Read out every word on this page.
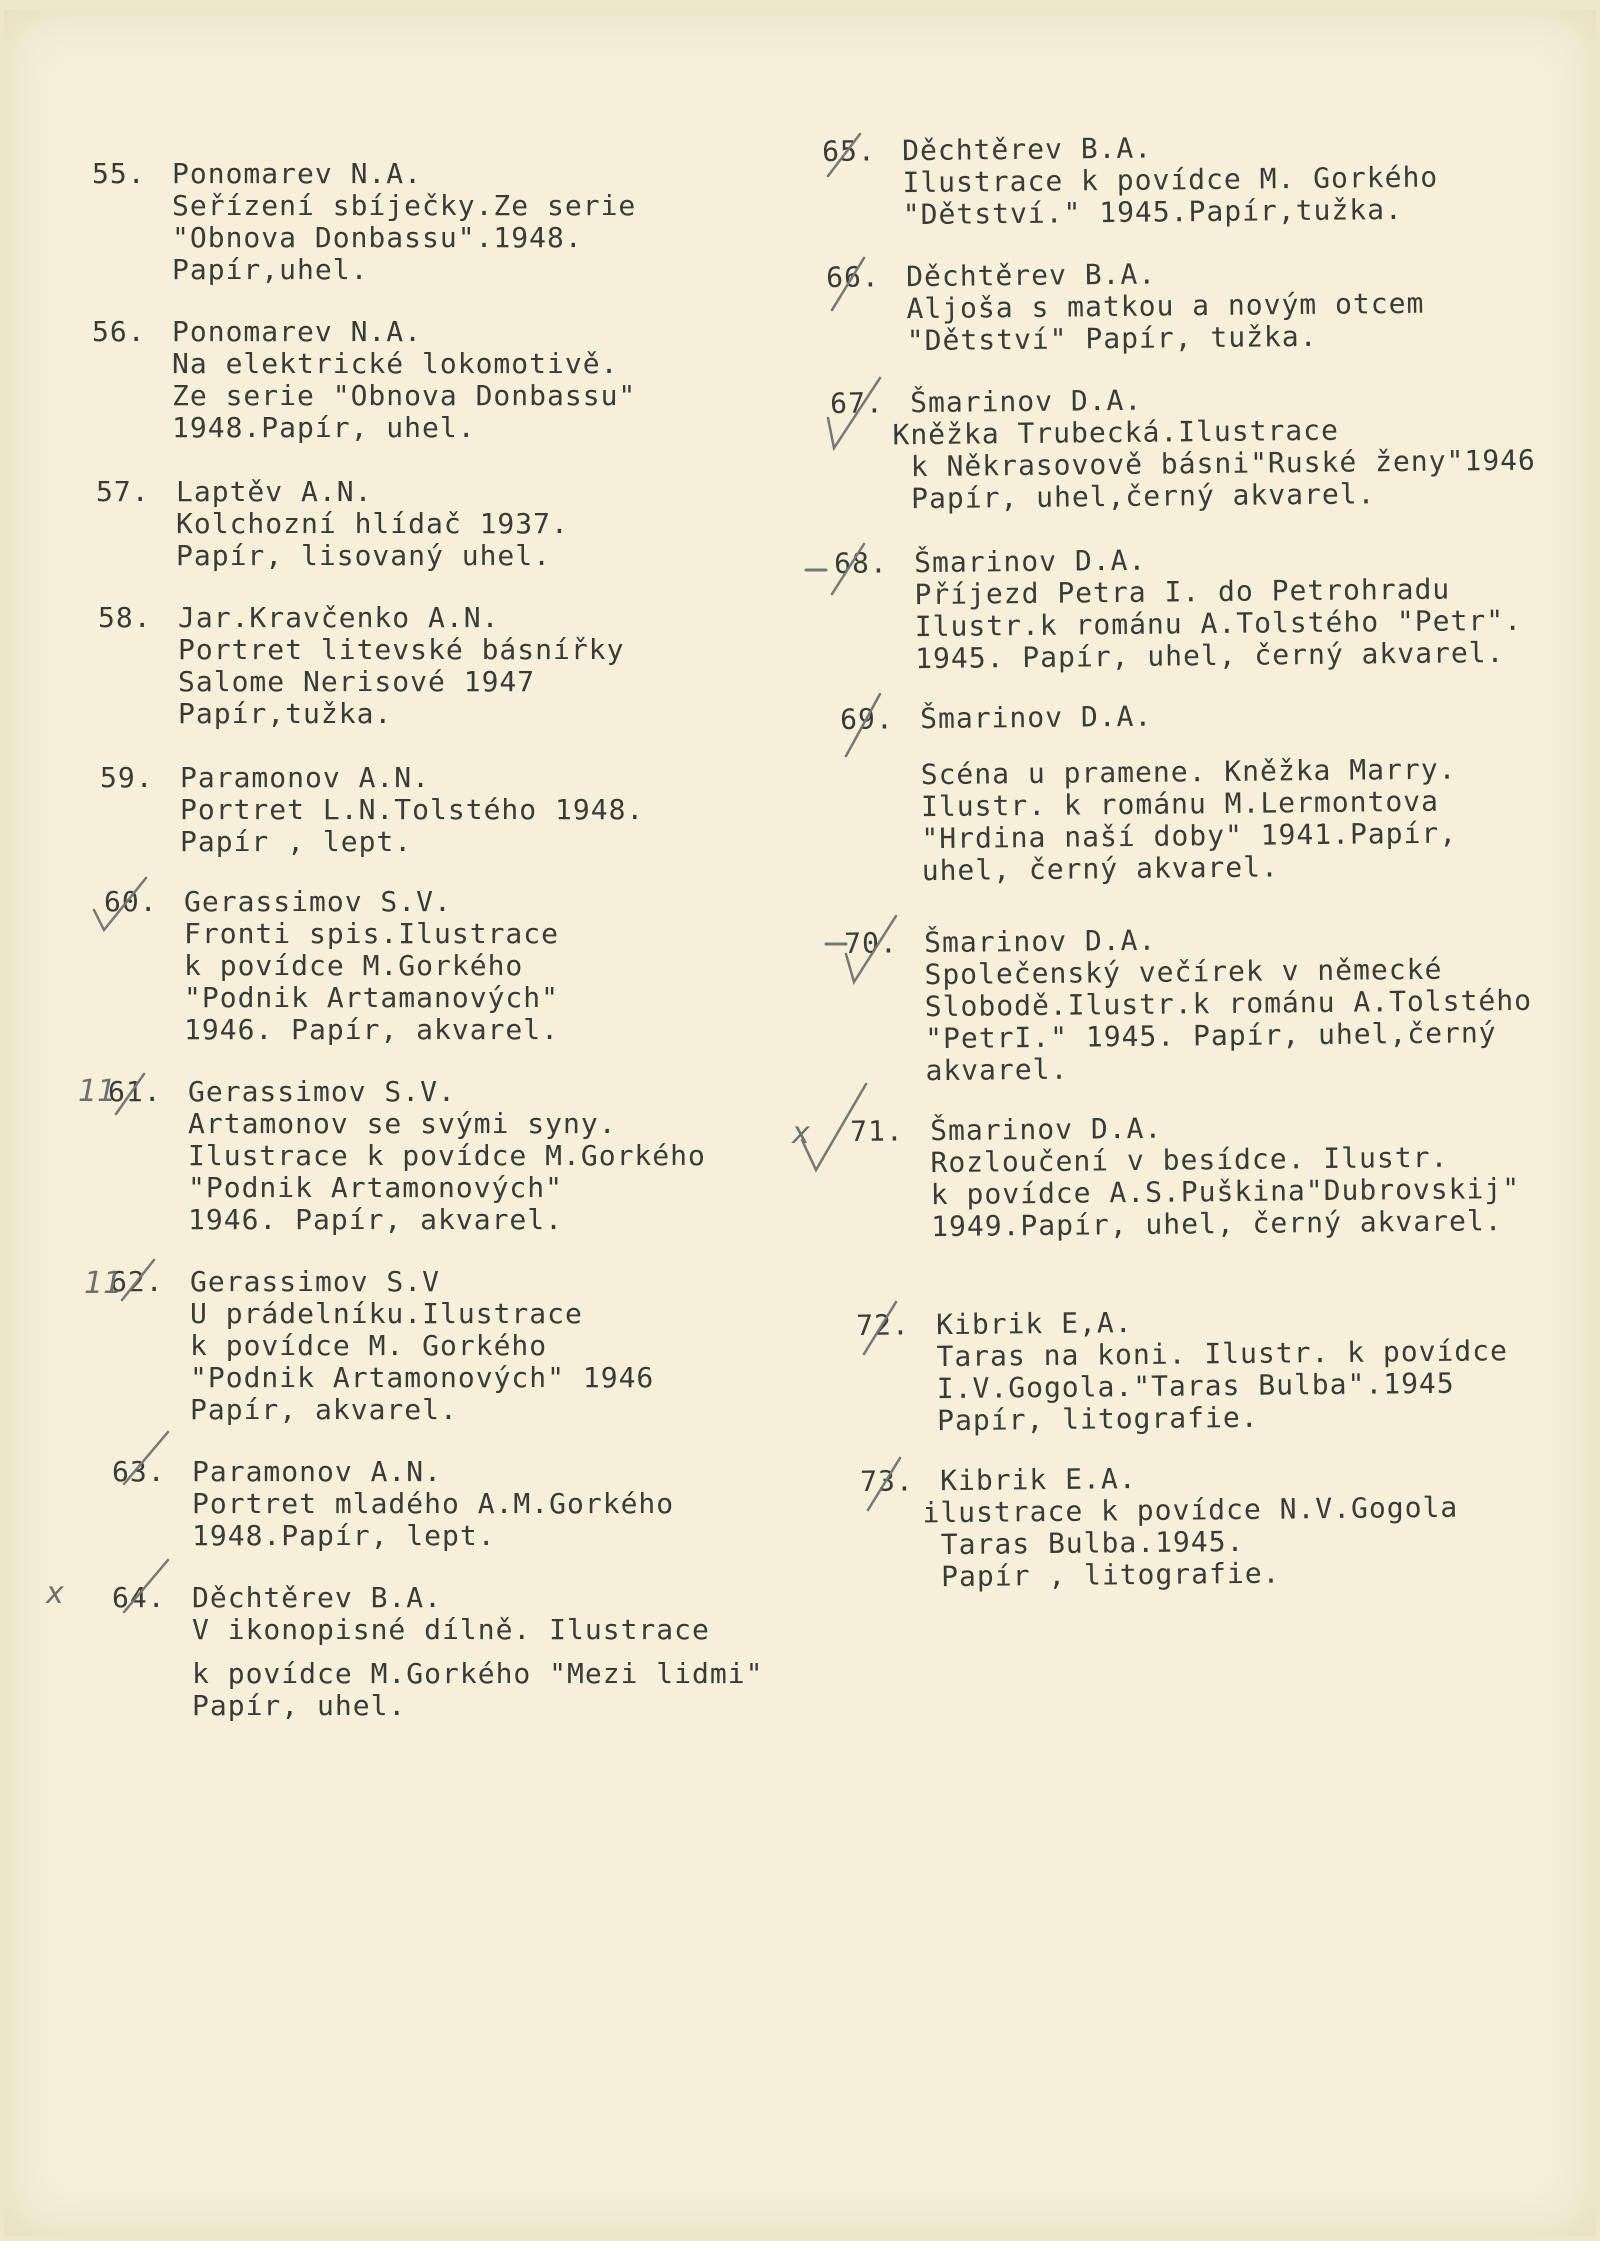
55. Ponomarev N.A.
Seřízení sbíječky.Ze serie
"Obnova Donbassu".1948.
Papír,uhel.
56. Ponomarev N.A.
Na elektrické lokomotivě.
Ze serie "Obnova Donbassu"
1948.Papír, uhel.
57. Laptěv A.N.
Kolchozní hlídač 1937.
Papír, lisovaný uhel.
58. Jar.Kravčenko A.N.
Portret litevské básnířky
Salome Nerisové 1947
Papír,tužka.
59. Paramonov A.N.
Portret L.N.Tolstého 1948.
Papír , lept.
60. Gerassimov S.V.
Fronti spis.Ilustrace
k povídce M.Gorkého
"Podnik Artamanových"
1946. Papír, akvarel.
61. Gerassimov S.V.
Artamonov se svými syny.
Ilustrace k povídce M.Gorkého
"Podnik Artamonových"
1946. Papír, akvarel.
62. Gerassimov S.V
U prádelníku.Ilustrace
k povídce M. Gorkého
"Podnik Artamonových" 1946
Papír, akvarel.
63. Paramonov A.N.
Portret mladého A.M.Gorkého
1948.Papír, lept.
64. Děchtěrev B.A.
V ikonopisné dílně. Ilustrace
k povídce M.Gorkého "Mezi lidmi"
Papír, uhel.
65. Děchtěrev B.A.
Ilustrace k povídce M. Gorkého
"Dětství." 1945.Papír,tužka.
66. Děchtěrev B.A.
Aljoša s matkou a novým otcem
"Dětství" Papír, tužka.
67. Šmarinov D.A.
Kněžka Trubecká.Ilustrace
k Někrasovově básni"Ruské ženy"1946
Papír, uhel,černý akvarel.
68. Šmarinov D.A.
Příjezd Petra I. do Petrohradu
Ilustr.k románu A.Tolstého "Petr".
1945. Papír, uhel, černý akvarel.
69. Šmarinov D.A.
Scéna u pramene. Kněžka Marry.
Ilustr. k románu M.Lermontova
"Hrdina naší doby" 1941.Papír,
uhel, černý akvarel.
70. Šmarinov D.A.
Společenský večírek v německé
Slobodě.Ilustr.k románu A.Tolstého
"PetrI." 1945. Papír, uhel,černý
akvarel.
71. Šmarinov D.A.
Rozloučení v besídce. Ilustr.
k povídce A.S.Puškina"Dubrovskij"
1949.Papír, uhel, černý akvarel.
72. Kibrik E,A.
Taras na koni. Ilustr. k povídce
I.V.Gogola."Taras Bulba".1945
Papír, litografie.
73. Kibrik E.A.
ilustrace k povídce N.V.Gogola
Taras Bulba.1945.
Papír , litografie.
11
11
x
x
